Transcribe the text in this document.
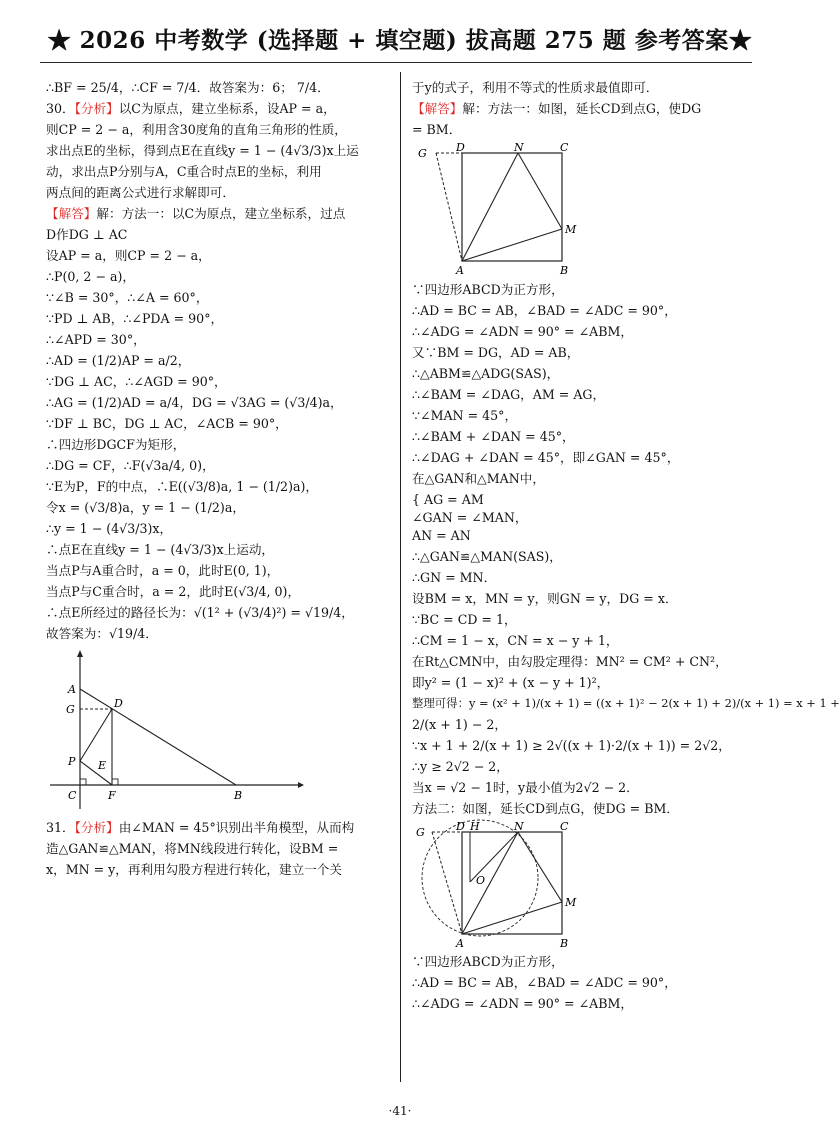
★ 2026 中考数学 (选择题 + 填空题) 拔高题 275 题 参考答案★
∴BF = 25/4，∴CF = 7/4．故答案为：6； 7/4．
30．【分析】以C为原点，建立坐标系，设AP = a，
则CP = 2 − a，利用含30度角的直角三角形的性质，
求出点E的坐标，得到点E在直线y = 1 − (4√3/3)x上运
动，求出点P分别与A，C重合时点E的坐标，利用
两点间的距离公式进行求解即可．
【解答】解：方法一：以C为原点，建立坐标系，过点
D作DG ⊥ AC
设AP = a，则CP = 2 − a，
∴P(0, 2 − a)，
∵∠B = 30°，∴∠A = 60°，
∵PD ⊥ AB，∴∠PDA = 90°，
∴∠APD = 30°，
∴AD = (1/2)AP = a/2，
∵DG ⊥ AC，∴∠AGD = 90°，
∴AG = (1/2)AD = a/4，DG = √3AG = (√3/4)a，
∵DF ⊥ BC，DG ⊥ AC，∠ACB = 90°，
∴四边形DGCF为矩形，
∴DG = CF，∴F(√3a/4, 0)，
∵E为P，F的中点，∴E((√3/8)a, 1 − (1/2)a)，
令x = (√3/8)a，y = 1 − (1/2)a，
∴y = 1 − (4√3/3)x，
∴点E在直线y = 1 − (4√3/3)x上运动，
当点P与A重合时，a = 0，此时E(0, 1)，
当点P与C重合时，a = 2，此时E(√3/4, 0)，
∴点E所经过的路径长为：√(1² + (√3/4)²) = √19/4，
故答案为：√19/4．
A
D
G
P E
C	F	B
31．【分析】由∠MAN = 45°识别出半角模型，从而构
造△GAN≌△MAN，将MN线段进行转化，设BM =
x，MN = y，再利用勾股方程进行转化，建立一个关
于y的式子，利用不等式的性质求最值即可．
【解答】解：方法一：如图，延长CD到点G，使DG
= BM．
G	D	N	C
M
A	B
∵四边形ABCD为正方形，
∴AD = BC = AB，∠BAD = ∠ADC = 90°，
∴∠ADG = ∠ADN = 90° = ∠ABM，
又∵BM = DG，AD = AB，
∴△ABM≌△ADG(SAS)，
∴∠BAM = ∠DAG，AM = AG，
∵∠MAN = 45°，
∴∠BAM + ∠DAN = 45°，
∴∠DAG + ∠DAN = 45°，即∠GAN = 45°，
在△GAN和△MAN中，
{ AG = AM
∠GAN = ∠MAN，
AN = AN
∴△GAN≌△MAN(SAS)，
∴GN = MN．
设BM = x，MN = y，则GN = y，DG = x．
∵BC = CD = 1，
∴CM = 1 − x，CN = x − y + 1，
在Rt△CMN中，由勾股定理得：MN² = CM² + CN²，
即y² = (1 − x)² + (x − y + 1)²，
整理可得：y = (x² + 1)/(x + 1) = ((x + 1)² − 2(x + 1) + 2)/(x + 1) = x + 1 +
2/(x + 1) − 2，
∵x + 1 + 2/(x + 1) ≥ 2√((x + 1)·2/(x + 1)) = 2√2，
∴y ≥ 2√2 − 2，
当x = √2 − 1时，y最小值为2√2 − 2．
方法二：如图，延长CD到点G，使DG = BM．
G	D H	N	C
O
M
A	B
∵四边形ABCD为正方形，
∴AD = BC = AB，∠BAD = ∠ADC = 90°，
∴∠ADG = ∠ADN = 90° = ∠ABM，
·41·
